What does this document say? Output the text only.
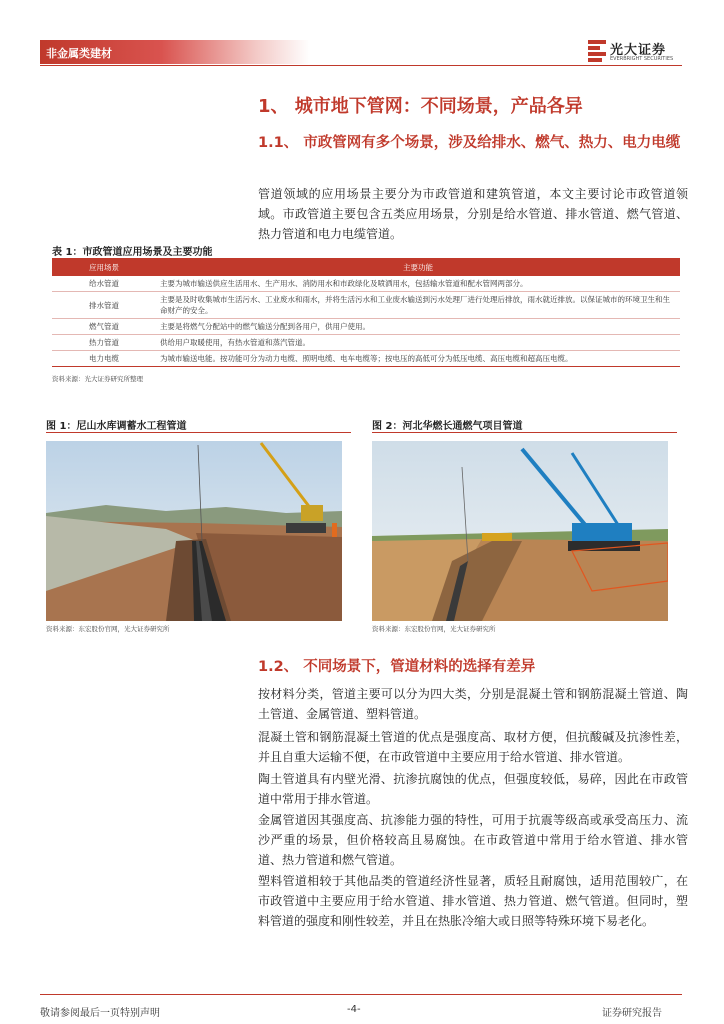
非金属类建材	光大证券
EVERBRIGHT SECURITIES
1、 城市地下管网：不同场景，产品各异
1.1、 市政管网有多个场景，涉及给排水、燃气、热力、电力电缆
管道领域的应用场景主要分为市政管道和建筑管道，本文主要讨论市政管道领域。市政管道主要包含五类应用场景，分别是给水管道、排水管道、燃气管道、热力管道和电力电缆管道。
表 1：市政管道应用场景及主要功能
应用场景	主要功能
给水管道	主要为城市输送供应生活用水、生产用水、消防用水和市政绿化及喷洒用水，包括输水管道和配水管网两部分。
排水管道	主要是及时收集城市生活污水、工业废水和雨水，并将生活污水和工业废水输送到污水处理厂进行处理后排放，雨水就近排放。以保证城市的环境卫生和生命财产的安全。
燃气管道	主要是将燃气分配站中的燃气输送分配到各用户，供用户使用。
热力管道	供给用户取暖使用，有热水管道和蒸汽管道。
电力电缆	为城市输送电能。按功能可分为动力电缆、照明电缆、电车电缆等；按电压的高低可分为低压电缆、高压电缆和超高压电缆。
资料来源：光大证券研究所整理
图 1：尼山水库调蓄水工程管道
资料来源：东宏股份官网，光大证券研究所
图 2：河北华燃长通燃气项目管道
资料来源：东宏股份官网，光大证券研究所
1.2、 不同场景下，管道材料的选择有差异
按材料分类，管道主要可以分为四大类，分别是混凝土管和钢筋混凝土管道、陶土管道、金属管道、塑料管道。
混凝土管和钢筋混凝土管道的优点是强度高、取材方便，但抗酸碱及抗渗性差，并且自重大运输不便，在市政管道中主要应用于给水管道、排水管道。
陶土管道具有内壁光滑、抗渗抗腐蚀的优点，但强度较低，易碎，因此在市政管道中常用于排水管道。
金属管道因其强度高、抗渗能力强的特性，可用于抗震等级高或承受高压力、流沙严重的场景，但价格较高且易腐蚀。在市政管道中常用于给水管道、排水管道、热力管道和燃气管道。
塑料管道相较于其他品类的管道经济性显著，质轻且耐腐蚀，适用范围较广，在市政管道中主要应用于给水管道、排水管道、热力管道、燃气管道。但同时，塑料管道的强度和刚性较差，并且在热胀冷缩大或日照等特殊环境下易老化。
敬请参阅最后一页特别声明	-4-	证券研究报告
